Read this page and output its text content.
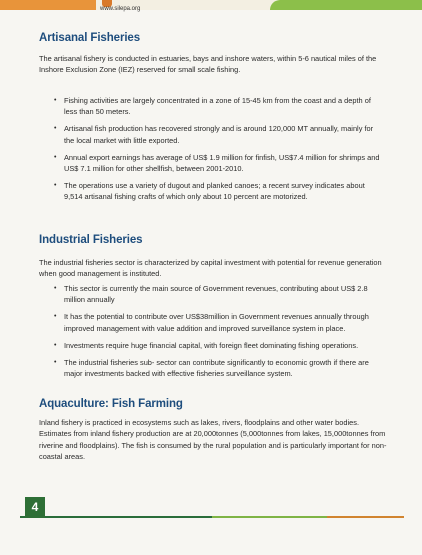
www.silepa.org
Artisanal Fisheries

The artisanal fishery is conducted in estuaries, bays and inshore waters, within 5-6 nautical miles of the Inshore Exclusion Zone (IEZ) reserved for small scale fishing.

• Fishing activities are largely concentrated in a zone of 15-45 km from the coast and a depth of less than 50 meters.
• Artisanal fish production has recovered strongly and is around 120,000 MT annually, mainly for the local market with little exported.
• Annual export earnings has average of US$ 1.9 million for finfish, US$7.4 million for shrimps and US$ 7.1 million for other shellfish, between 2001-2010.
• The operations use a variety of dugout and planked canoes; a recent survey indicates about 9,514 artisanal fishing crafts of which only about 10 percent are motorized.
Industrial Fisheries

The industrial fisheries sector is characterized by capital investment with potential for revenue generation when good management is instituted.

• This sector is currently the main source of Government revenues, contributing about US$ 2.8 million annually
• It has the potential to contribute over US$38million in Government revenues annually through improved management with value addition and improved surveillance system in place.
• Investments require huge financial capital, with foreign fleet dominating fishing operations.
• The industrial fisheries sub- sector can contribute significantly to economic growth if there are major investments backed with effective fisheries surveillance system.
Aquaculture: Fish Farming

Inland fishery is practiced in ecosystems such as lakes, rivers, floodplains and other water bodies. Estimates from inland fishery production are at 20,000tonnes (5,000tonnes from lakes, 15,000tonnes from riverine and floodplains). The fish is consumed by the rural population and is particularly important for non-coastal areas.

4
